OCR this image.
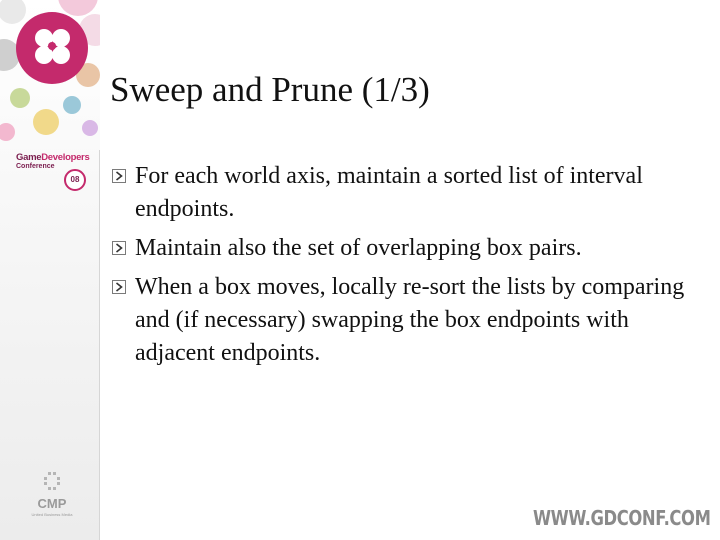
GameDevelopers
Conference
08
CMP
United Business Media
Sweep and Prune (1/3)
For each world axis, maintain a sorted list of interval endpoints.
Maintain also the set of overlapping box pairs.
When a box moves, locally re-sort the lists by comparing and (if necessary) swapping the box endpoints with adjacent endpoints.
WWW.GDCONF.COM
